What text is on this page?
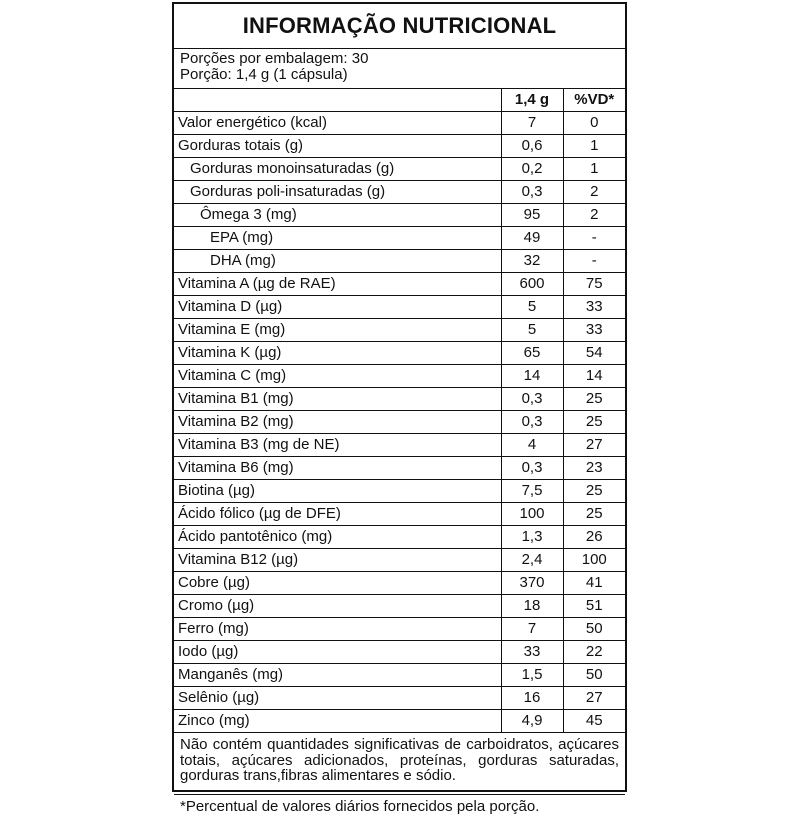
INFORMAÇÃO NUTRICIONAL
Porções por embalagem: 30
Porção: 1,4 g (1 cápsula)
	1,4 g	%VD*
Valor energético (kcal)	7	0
Gorduras totais (g)	0,6	1
Gorduras monoinsaturadas (g)	0,2	1
Gorduras poli-insaturadas (g)	0,3	2
Ômega 3 (mg)	95	2
EPA (mg)	49	-
DHA (mg)	32	-
Vitamina A (µg de RAE)	600	75
Vitamina D (µg)	5	33
Vitamina E (mg)	5	33
Vitamina K (µg)	65	54
Vitamina C (mg)	14	14
Vitamina B1 (mg)	0,3	25
Vitamina B2 (mg)	0,3	25
Vitamina B3 (mg de NE)	4	27
Vitamina B6 (mg)	0,3	23
Biotina (µg)	7,5	25
Ácido fólico (µg de DFE)	100	25
Ácido pantotênico (mg)	1,3	26
Vitamina B12 (µg)	2,4	100
Cobre (µg)	370	41
Cromo (µg)	18	51
Ferro (mg)	7	50
Iodo (µg)	33	22
Manganês (mg)	1,5	50
Selênio (µg)	16	27
Zinco (mg)	4,9	45
Não contém quantidades significativas de carboidratos, açúcares totais, açúcares adicionados, proteínas, gorduras saturadas, gorduras trans,fibras alimentares e sódio.
*Percentual de valores diários fornecidos pela porção.
